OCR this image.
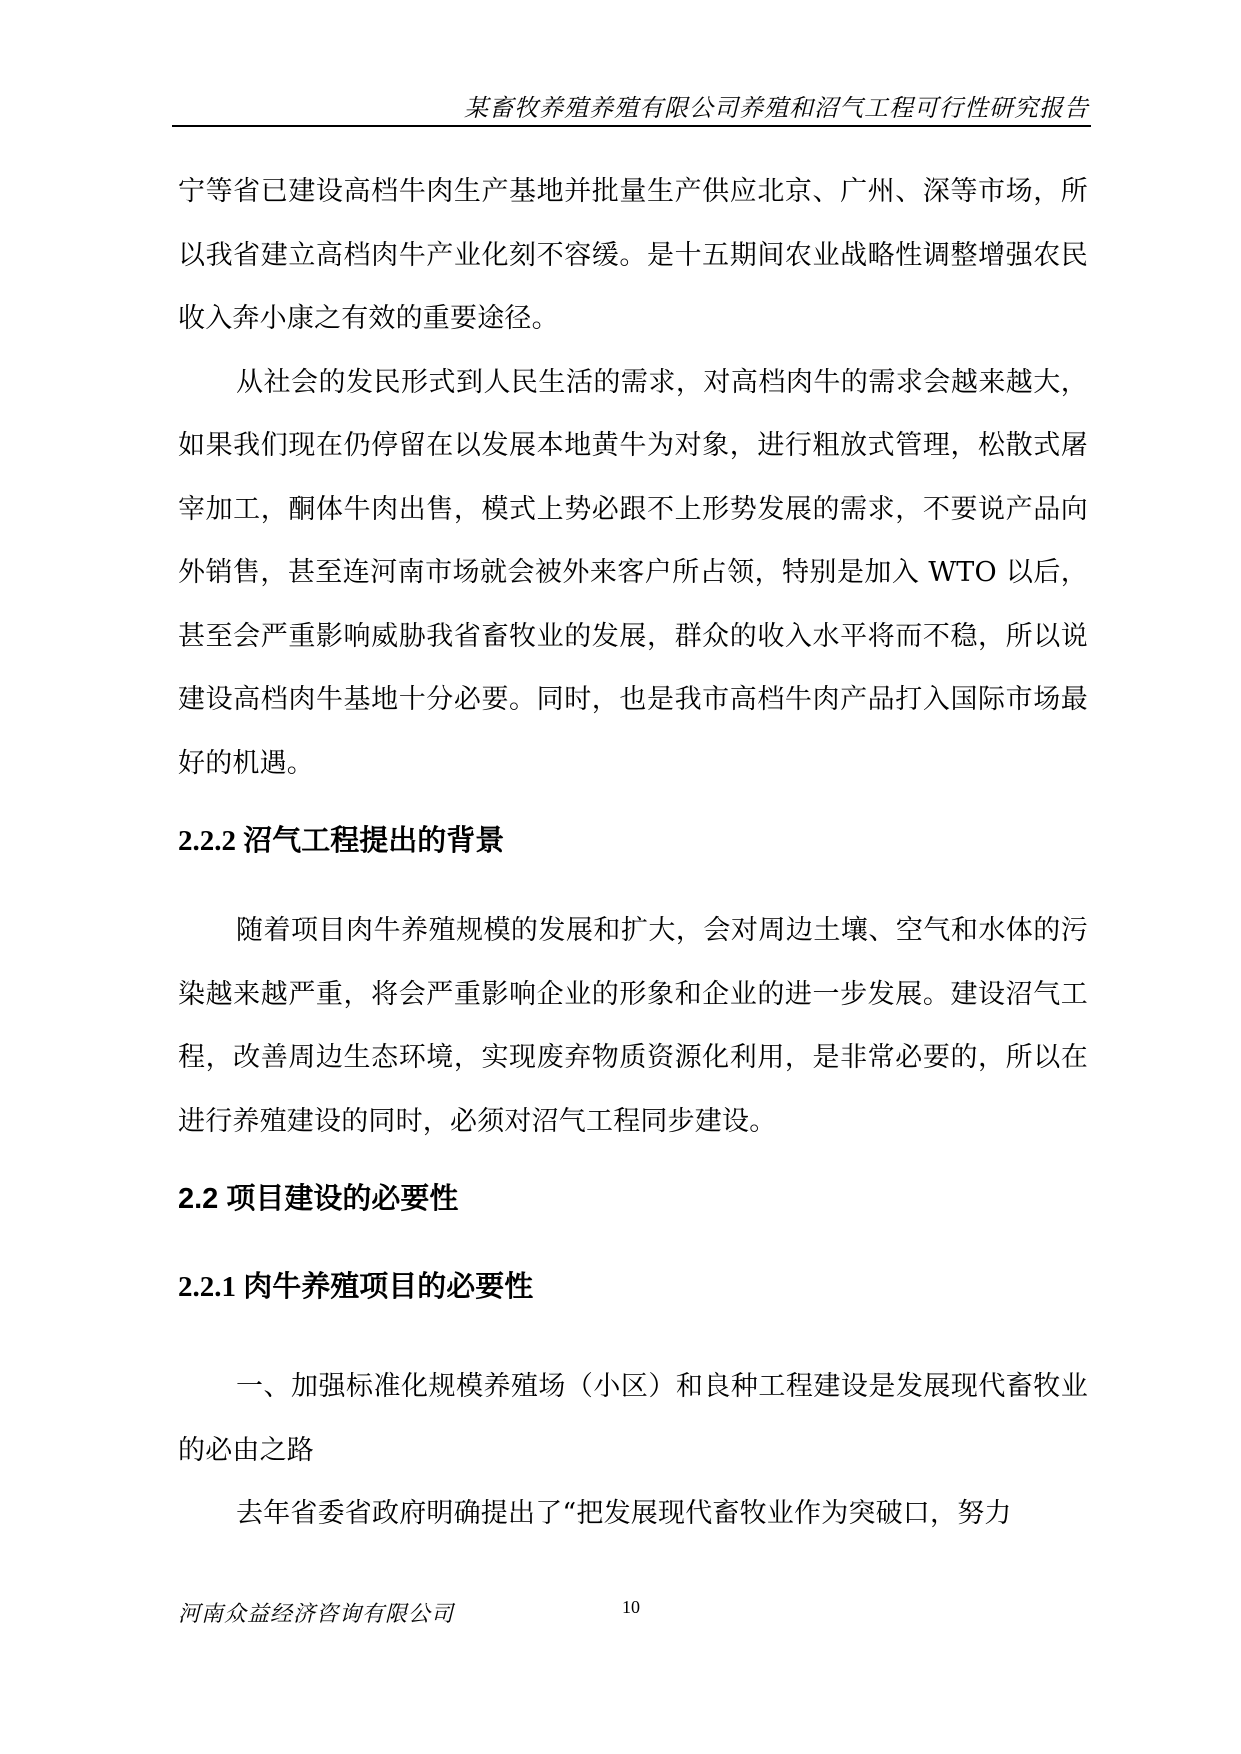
某畜牧养殖养殖有限公司养殖和沼气工程可行性研究报告

宁等省已建设高档牛肉生产基地并批量生产供应北京、广州、深等市场，所以我省建立高档肉牛产业化刻不容缓。是十五期间农业战略性调整增强农民收入奔小康之有效的重要途径。

从社会的发民形式到人民生活的需求，对高档肉牛的需求会越来越大，如果我们现在仍停留在以发展本地黄牛为对象，进行粗放式管理，松散式屠宰加工，酮体牛肉出售，模式上势必跟不上形势发展的需求，不要说产品向外销售，甚至连河南市场就会被外来客户所占领，特别是加入 WTO 以后，甚至会严重影响威胁我省畜牧业的发展，群众的收入水平将而不稳，所以说建设高档肉牛基地十分必要。同时，也是我市高档牛肉产品打入国际市场最好的机遇。

2.2.2 沼气工程提出的背景

随着项目肉牛养殖规模的发展和扩大，会对周边土壤、空气和水体的污染越来越严重，将会严重影响企业的形象和企业的进一步发展。建设沼气工程，改善周边生态环境，实现废弃物质资源化利用，是非常必要的，所以在进行养殖建设的同时，必须对沼气工程同步建设。

2.2 项目建设的必要性

2.2.1 肉牛养殖项目的必要性

一、加强标准化规模养殖场（小区）和良种工程建设是发展现代畜牧业的必由之路

去年省委省政府明确提出了“把发展现代畜牧业作为突破口，努力

河南众益经济咨询有限公司	10
